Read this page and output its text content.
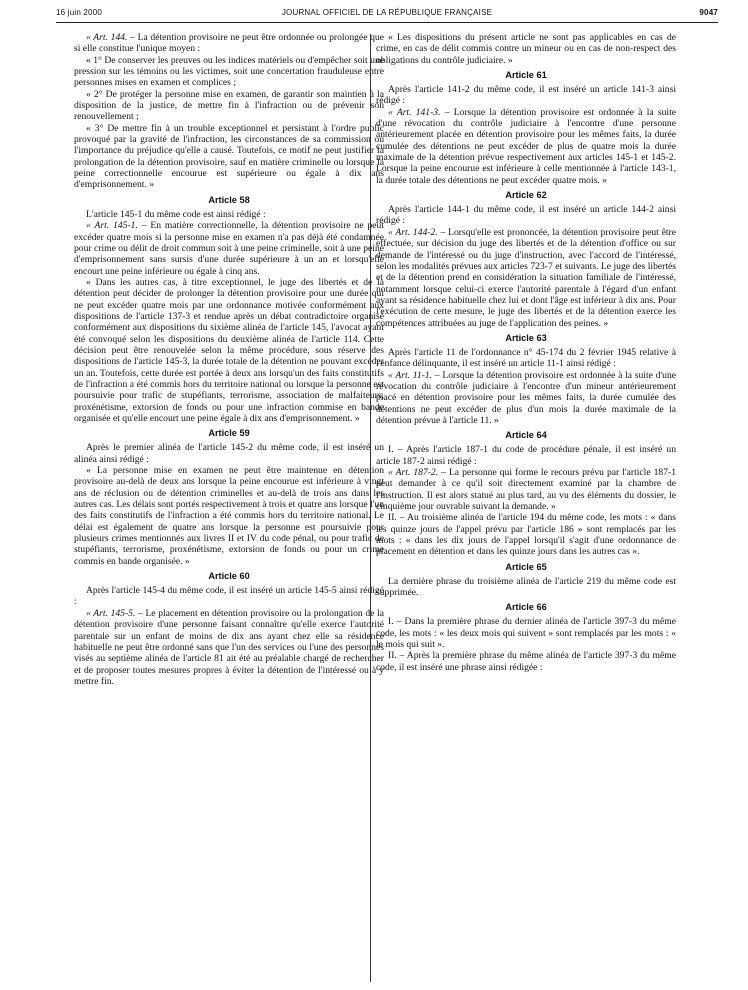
16 juin 2000	JOURNAL OFFICIEL DE LA RÉPUBLIQUE FRANÇAISE	9047

« Art. 144. – La détention provisoire ne peut être ordonnée ou prolongée que si elle constitue l'unique moyen :

« 1° De conserver les preuves ou les indices matériels ou d'empêcher soit une pression sur les témoins ou les victimes, soit une concertation frauduleuse entre personnes mises en examen et complices ;

« 2° De protéger la personne mise en examen, de garantir son maintien à la disposition de la justice, de mettre fin à l'infraction ou de prévenir son renouvellement ;

« 3° De mettre fin à un trouble exceptionnel et persistant à l'ordre public provoqué par la gravité de l'infraction, les circonstances de sa commission ou l'importance du préjudice qu'elle a causé. Toutefois, ce motif ne peut justifier la prolongation de la détention provisoire, sauf en matière criminelle ou lorsque la peine correctionnelle encourue est supérieure ou égale à dix ans d'emprisonnement. »

Article 58

L'article 145-1 du même code est ainsi rédigé :

« Art. 145-1. – En matière correctionnelle, la détention provisoire ne peut excéder quatre mois si la personne mise en examen n'a pas déjà été condamnée pour crime ou délit de droit commun soit à une peine criminelle, soit à une peine d'emprisonnement sans sursis d'une durée supérieure à un an et lorsqu'elle encourt une peine inférieure ou égale à cinq ans.

« Dans les autres cas, à titre exceptionnel, le juge des libertés et de la détention peut décider de prolonger la détention provisoire pour une durée qui ne peut excéder quatre mois par une ordonnance motivée conformément aux dispositions de l'article 137-3 et rendue après un débat contradictoire organisé conformément aux dispositions du sixième alinéa de l'article 145, l'avocat ayant été convoqué selon les dispositions du deuxième alinéa de l'article 114. Cette décision peut être renouvelée selon la même procédure, sous réserve des dispositions de l'article 145-3, la durée totale de la détention ne pouvant excéder un an. Toutefois, cette durée est portée à deux ans lorsqu'un des faits constitutifs de l'infraction a été commis hors du territoire national ou lorsque la personne est poursuivie pour trafic de stupéfiants, terrorisme, association de malfaiteurs, proxénétisme, extorsion de fonds ou pour une infraction commise en bande organisée et qu'elle encourt une peine égale à dix ans d'emprisonnement. »

Article 59

Après le premier alinéa de l'article 145-2 du même code, il est inséré un alinéa ainsi rédigé :

« La personne mise en examen ne peut être maintenue en détention provisoire au-delà de deux ans lorsque la peine encourue est inférieure à vingt ans de réclusion ou de détention criminelles et au-delà de trois ans dans les autres cas. Les délais sont portés respectivement à trois et quatre ans lorsque l'un des faits constitutifs de l'infraction a été commis hors du territoire national. Le délai est également de quatre ans lorsque la personne est poursuivie pour plusieurs crimes mentionnés aux livres II et IV du code pénal, ou pour trafic de stupéfiants, terrorisme, proxénétisme, extorsion de fonds ou pour un crime commis en bande organisée. »

Article 60

Après l'article 145-4 du même code, il est inséré un article 145-5 ainsi rédigé :

« Art. 145-5. – Le placement en détention provisoire ou la prolongation de la détention provisoire d'une personne faisant connaître qu'elle exerce l'autorité parentale sur un enfant de moins de dix ans ayant chez elle sa résidence habituelle ne peut être ordonné sans que l'un des services ou l'une des personnes visés au septième alinéa de l'article 81 ait été au préalable chargé de rechercher et de proposer toutes mesures propres à éviter la détention de l'intéressé ou à y mettre fin.

« Les dispositions du présent article ne sont pas applicables en cas de crime, en cas de délit commis contre un mineur ou en cas de non-respect des obligations du contrôle judiciaire. »

Article 61

Après l'article 141-2 du même code, il est inséré un article 141-3 ainsi rédigé :

« Art. 141-3. – Lorsque la détention provisoire est ordonnée à la suite d'une révocation du contrôle judiciaire à l'encontre d'une personne antérieurement placée en détention provisoire pour les mêmes faits, la durée cumulée des détentions ne peut excéder de plus de quatre mois la durée maximale de la détention prévue respectivement aux articles 145-1 et 145-2. Lorsque la peine encourue est inférieure à celle mentionnée à l'article 143-1, la durée totale des détentions ne peut excéder quatre mois. »

Article 62

Après l'article 144-1 du même code, il est inséré un article 144-2 ainsi rédigé :

« Art. 144-2. – Lorsqu'elle est prononcée, la détention provisoire peut être effectuée, sur décision du juge des libertés et de la détention d'office ou sur demande de l'intéressé ou du juge d'instruction, avec l'accord de l'intéressé, selon les modalités prévues aux articles 723-7 et suivants. Le juge des libertés et de la détention prend en considération la situation familiale de l'intéressé, notamment lorsque celui-ci exerce l'autorité parentale à l'égard d'un enfant ayant sa résidence habituelle chez lui et dont l'âge est inférieur à dix ans. Pour l'exécution de cette mesure, le juge des libertés et de la détention exerce les compétences attribuées au juge de l'application des peines. »

Article 63

Après l'article 11 de l'ordonnance n° 45-174 du 2 février 1945 relative à l'enfance délinquante, il est inséré un article 11-1 ainsi rédigé :

« Art. 11-1. – Lorsque la détention provisoire est ordonnée à la suite d'une révocation du contrôle judiciaire à l'encontre d'un mineur antérieurement placé en détention provisoire pour les mêmes faits, la durée cumulée des détentions ne peut excéder de plus d'un mois la durée maximale de la détention prévue à l'article 11. »

Article 64

I. – Après l'article 187-1 du code de procédure pénale, il est inséré un article 187-2 ainsi rédigé :

« Art. 187-2. – La personne qui forme le recours prévu par l'article 187-1 peut demander à ce qu'il soit directement examiné par la chambre de l'instruction. Il est alors statué au plus tard, au vu des éléments du dossier, le cinquième jour ouvrable suivant la demande. »

II. – Au troisième alinéa de l'article 194 du même code, les mots : « dans les quinze jours de l'appel prévu par l'article 186 » sont remplacés par les mots : « dans les dix jours de l'appel lorsqu'il s'agit d'une ordonnance de placement en détention et dans les quinze jours dans les autres cas ».

Article 65

La dernière phrase du troisième alinéa de l'article 219 du même code est supprimée.

Article 66

I. – Dans la première phrase du dernier alinéa de l'article 397-3 du même code, les mots : « les deux mois qui suivent » sont remplacés par les mots : « le mois qui suit ».

II. – Après la première phrase du même alinéa de l'article 397-3 du même code, il est inséré une phrase ainsi rédigée :
